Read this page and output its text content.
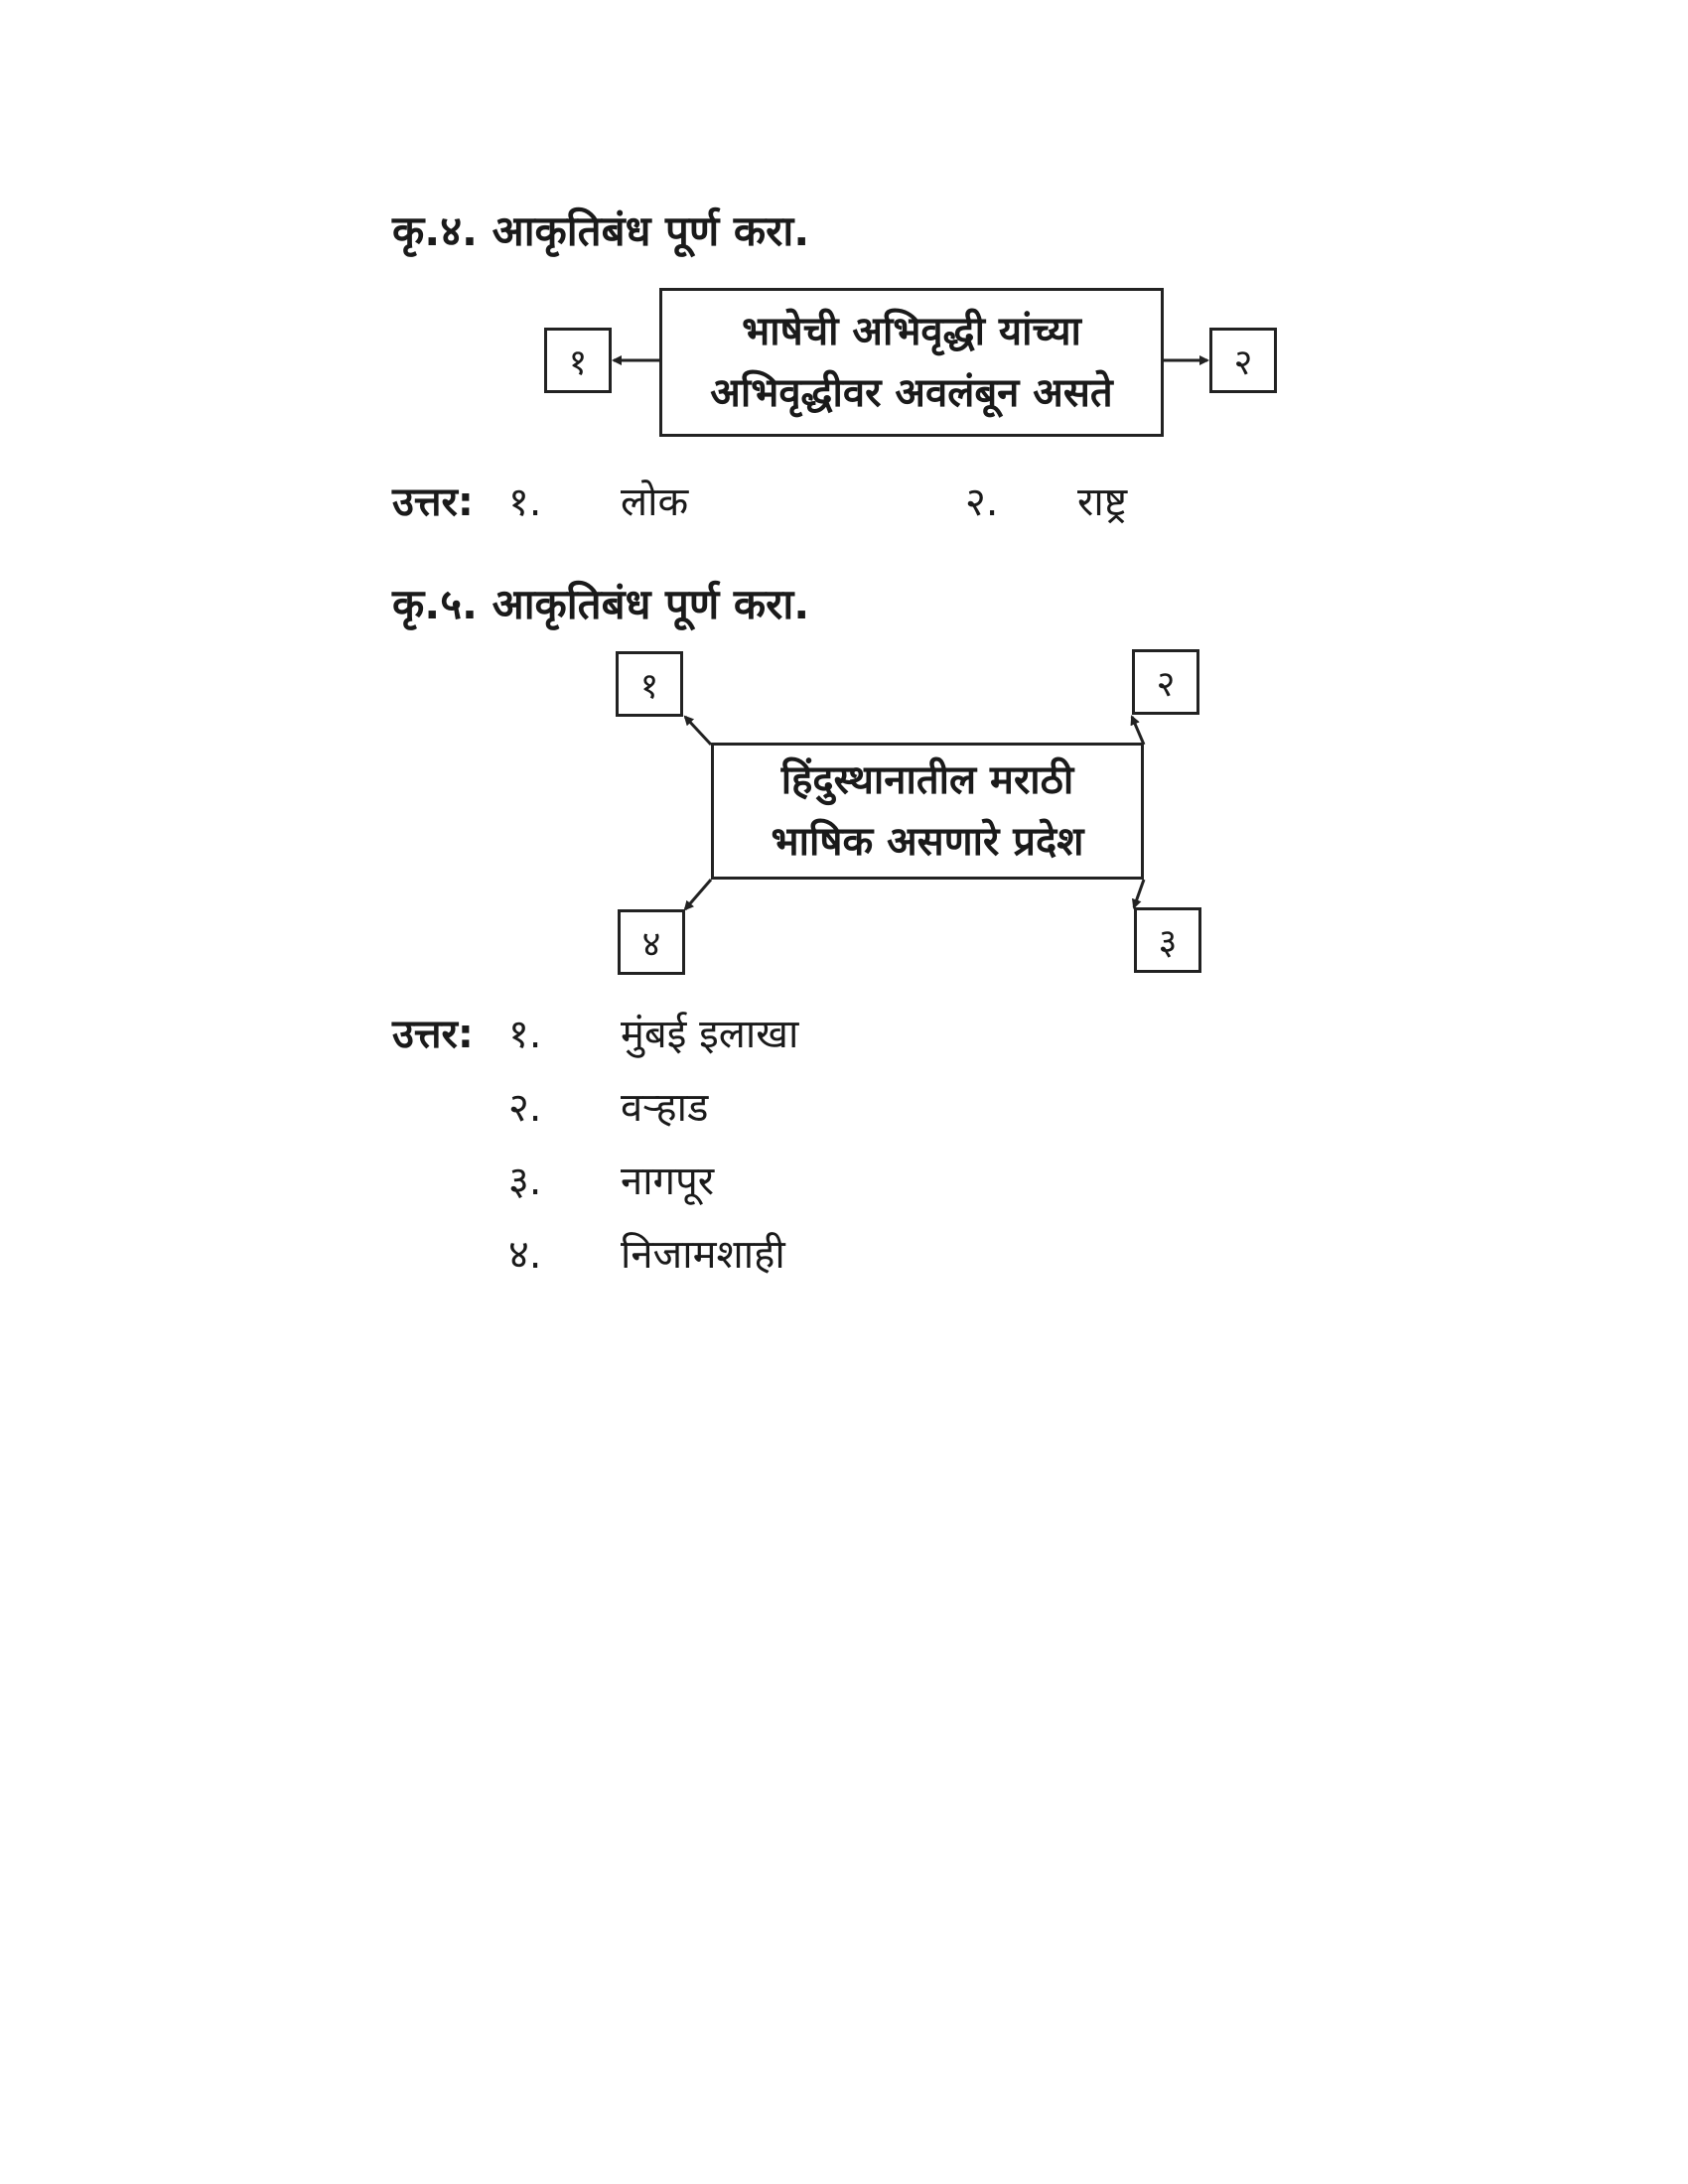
कृ.४. आकृतिबंध पूर्ण करा.
भाषेची अभिवृद्धी यांच्या
अभिवृद्धीवर अवलंबून असते
१	२
उत्तर: १. लोक	२. राष्ट्र
कृ.५. आकृतिबंध पूर्ण करा.
१	२
३
४
हिंदुस्थानातील मराठी
भाषिक असणारे प्रदेश
उत्तर: १. मुंबई इलाखा
२. वऱ्हाड
३. नागपूर
४. निजामशाही
